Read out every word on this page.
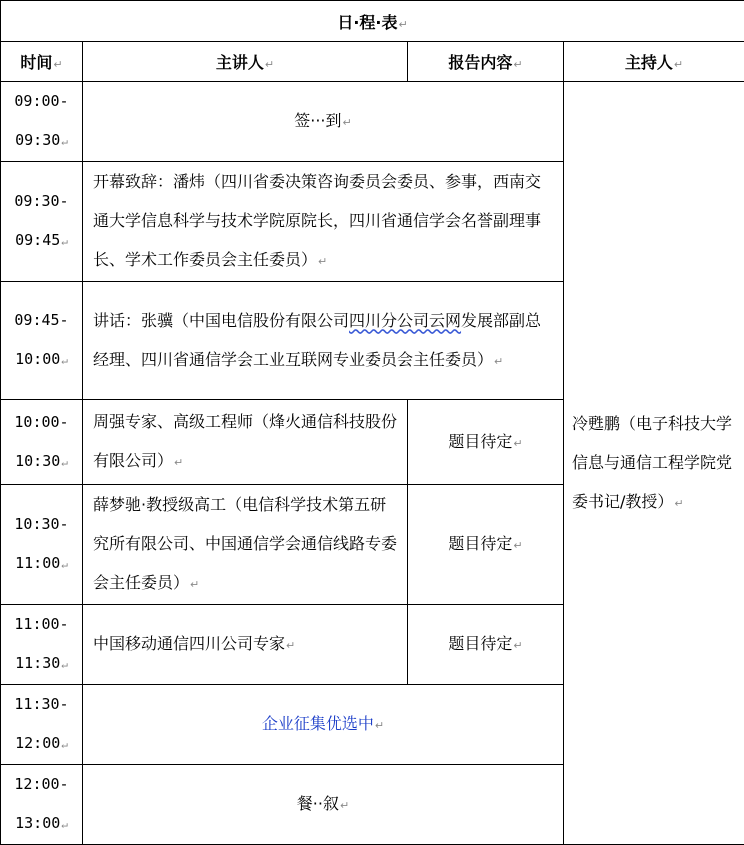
日·程·表↵			
时间↵	主讲人↵	报告内容↵	主持人↵

09:00-
09:30↵	签···到↵		冷甦鹏（电子科技大学信息与通信工程学院党委书记/教授）↵

09:30-
09:45↵	开幕致辞：潘炜（四川省委决策咨询委员会委员、参事，西南交通大学信息科学与技术学院原院长，四川省通信学会名誉副理事长、学术工作委员会主任委员）↵		

09:45-
10:00↵	讲话：张骥（中国电信股份有限公司四川分公司云网发展部副总经理、四川省通信学会工业互联网专业委员会主任委员）↵		

10:00-
10:30↵	周强专家、高级工程师（烽火通信科技股份有限公司）↵	题目待定↵	

10:30-
11:00↵	薛梦驰·教授级高工（电信科学技术第五研究所有限公司、中国通信学会通信线路专委会主任委员）↵	题目待定↵	

11:00-
11:30↵	中国移动通信四川公司专家↵	题目待定↵	

11:30-
12:00↵	企业征集优选中↵		

12:00-
13:00↵	餐··叙↵		
